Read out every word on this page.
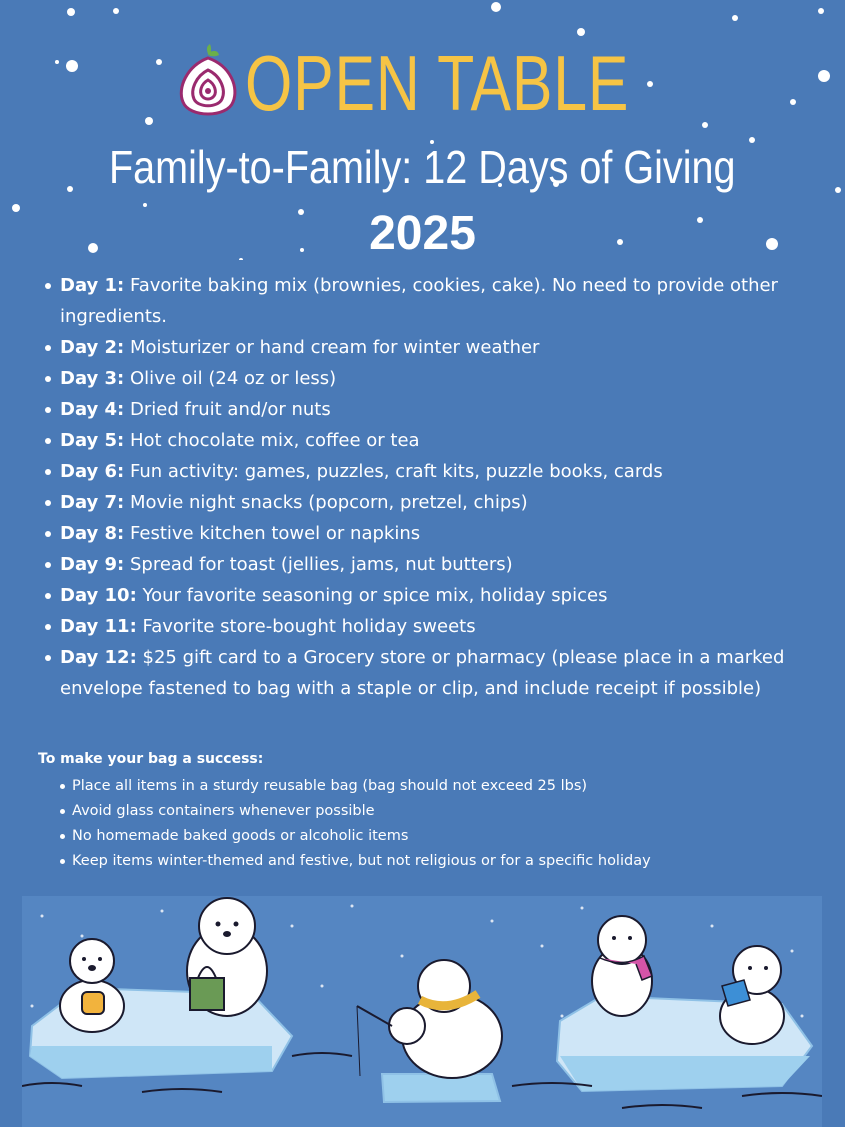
OPEN TABLE
Family-to-Family: 12 Days of Giving
2025
Day 1: Favorite baking mix (brownies, cookies, cake). No need to provide other ingredients.
Day 2: Moisturizer or hand cream for winter weather
Day 3: Olive oil (24 oz or less)
Day 4: Dried fruit and/or nuts
Day 5: Hot chocolate mix, coffee or tea
Day 6: Fun activity: games, puzzles, craft kits, puzzle books, cards
Day 7: Movie night snacks (popcorn, pretzel, chips)
Day 8: Festive kitchen towel or napkins
Day 9: Spread for toast (jellies, jams, nut butters)
Day 10: Your favorite seasoning or spice mix, holiday spices
Day 11: Favorite store-bought holiday sweets
Day 12: $25 gift card to a Grocery store or pharmacy (please place in a marked envelope fastened to bag with a staple or clip, and include receipt if possible)
To make your bag a success:
Place all items in a sturdy reusable bag (bag should not exceed 25 lbs)
Avoid glass containers whenever possible
No homemade baked goods or alcoholic items
Keep items winter-themed and festive, but not religious or for a specific holiday
